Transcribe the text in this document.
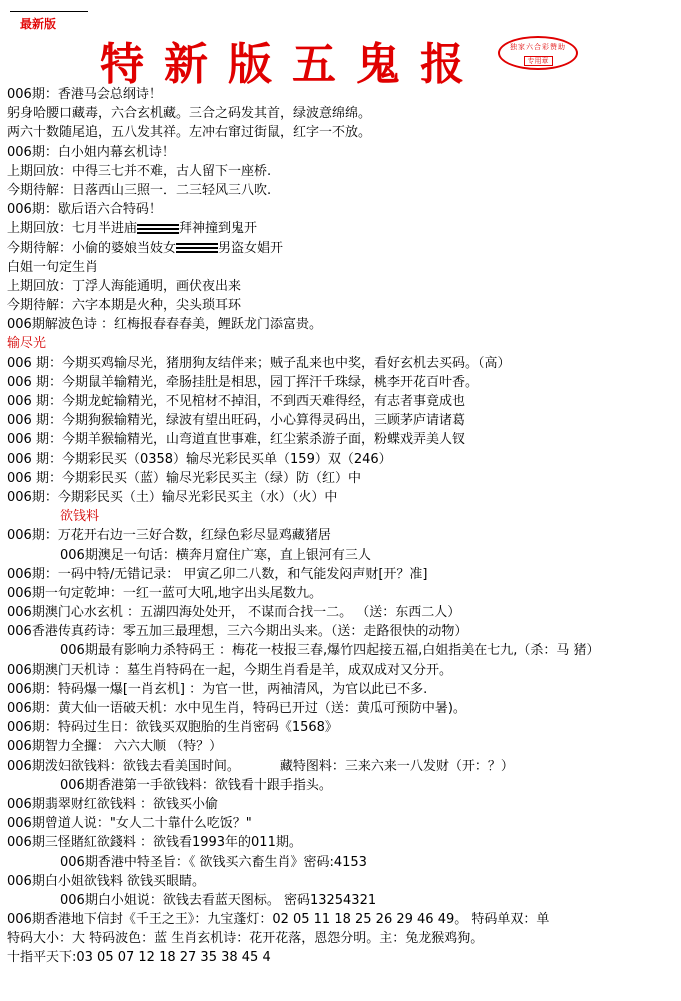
最新版
特新版五鬼报	独家六合彩赞助
专用章
006期：香港马会总纲诗！
躬身哈腰口藏毒，六合玄机藏。三合之码发其首，绿波意绵绵。
两六十数随尾追，五八发其祥。左冲右窜过街鼠，红字一不放。
006期：白小姐内幕玄机诗！
上期回放：中得三七并不难，古人留下一座桥.
今期待解：日落西山三照一．二三轻风三八吹.
006期：歇后语六合特码！
上期回放：七月半进庙	拜神撞到鬼开
今期待解：小偷的婆娘当妓女	男盗女娼开
白姐一句定生肖
上期回放：丁浮人海能通明，画伏夜出来
今期待解：六字本期是火种，尖头琐耳环
006期解波色诗 ：红梅报春春春美，鲤跃龙门添富贵。
输尽光
006 期：今期买鸡输尽光，猪朋狗友结伴来；贼子乱来也中奖，看好玄机去买码。（高）
006 期：今期鼠羊输精光，牵肠挂肚是相思，园丁挥汗千珠绿，桃李开花百叶香。
006 期：今期龙蛇输精光，不见棺材不掉泪，不到西天难得经，有志者事竟成也
006 期：今期狗猴输精光，绿波有望出旺码，小心算得灵码出，三顾茅庐请诸葛
006 期：今期羊猴输精光，山弯道直世事难，红尘萦杀游子面，粉蝶戏弄美人钗
006 期：今期彩民买（0358）输尽光彩民买单（159）双（246）
006 期：今期彩民买（蓝）输尽光彩民买主（绿）防（红）中
006期：今期彩民买（土）输尽光彩民买主（水）（火）中
欲钱料
006期：万花开右边一三好合数，红绿色彩尽显鸡藏猪居
006期澳足一句话：横奔月窟住广寒，直上银河有三人
006期：一码中特/无错记录： 甲寅乙卯二八数，和气能发闷声财[开？准]
006期一句定乾坤：一红一蓝可大吼,地字出头尾数九。
006期澳门心水玄机 ：五湖四海处处开， 不谋而合找一二。 （送：东西二人）
006香港传真药诗：零五加三最理想，三六今期出头来。（送：走路很快的动物）
006期最有影响力杀特码王 ：梅花一枝报三春,爆竹四起接五福,白姐指美在七九,（杀：马 猪）
006期澳门天机诗 ：墓生肖特码在一起，今期生肖看是羊，成双成对又分开。
006期：特码爆一爆[一肖玄机] ：为官一世，两袖清风，为官以此已不多.
006期：黄大仙一语破天机：水中见生肖，特码已开过（送：黄瓜可预防中暑)。
006期：特码过生日：欲钱买双胞胎的生肖密码《1568》
006期智力全攞： 六六大顺 （特？）
006期泼妇欲钱料：欲钱去看美国时间。	藏特图料：三来六来一八发财（开：？）
006期香港第一手欲钱料：欲钱看十跟手指头。
006期翡翠财红欲钱料 ：欲钱买小偷
006期曾道人说："女人二十靠什么吃饭？"
006期三怪賭紅欲錢料 ：欲钱看1993年的011期。
006期香港中特圣旨：《 欲钱买六畜生肖》密码:4153
006期白小姐欲钱料 欲钱买眼睛。
006期白小姐说：欲钱去看蓝天图标。 密码13254321
006期香港地下信封《千王之王》：九宝蓬灯：02 05 11 18 25 26 29 46 49。 特码单双：单
特码大小：大 特码波色：蓝 生肖玄机诗：花开花落，恩怨分明。主：兔龙猴鸡狗。
十指平天下:03 05 07 12 18 27 35 38 45 4
